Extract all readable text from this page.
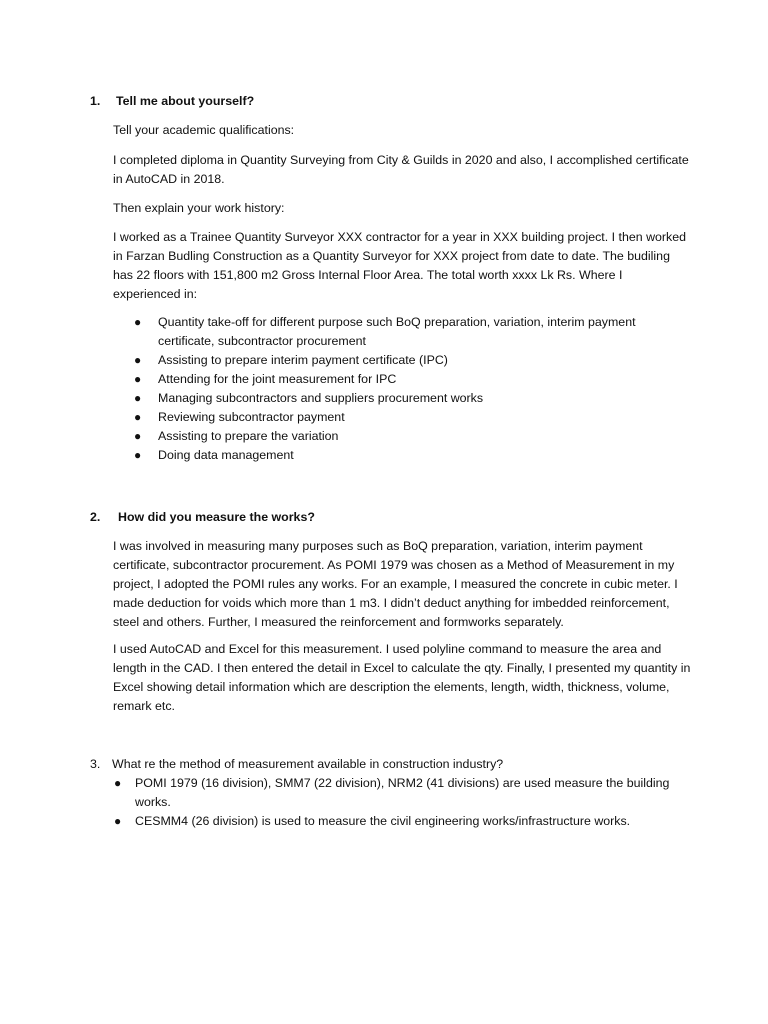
1.	Tell me about yourself?

Tell your academic qualifications:

I completed diploma in Quantity Surveying from City & Guilds in 2020 and also, I accomplished certificate in AutoCAD in 2018.

Then explain your work history:

I worked as a Trainee Quantity Surveyor XXX contractor for a year in XXX building project. I then worked in Farzan Budling Construction as a Quantity Surveyor for XXX project from date to date. The budiling has 22 floors with 151,800 m2 Gross Internal Floor Area. The total worth xxxx Lk Rs. Where I experienced in:

● Quantity take-off for different purpose such BoQ preparation, variation, interim payment certificate, subcontractor procurement
● Assisting to prepare interim payment certificate (IPC)
● Attending for the joint measurement for IPC
● Managing subcontractors and suppliers procurement works
● Reviewing subcontractor payment
● Assisting to prepare the variation
● Doing data management
2.	How did you measure the works?

I was involved in measuring many purposes such as BoQ preparation, variation, interim payment certificate, subcontractor procurement. As POMI 1979 was chosen as a Method of Measurement in my project, I adopted the POMI rules any works. For an example, I measured the concrete in cubic meter. I made deduction for voids which more than 1 m3. I didn’t deduct anything for imbedded reinforcement, steel and others. Further, I measured the reinforcement and formworks separately.

I used AutoCAD and Excel for this measurement. I used polyline command to measure the area and length in the CAD. I then entered the detail in Excel to calculate the qty. Finally, I presented my quantity in Excel showing detail information which are description the elements, length, width, thickness, volume, remark etc.

3. What re the method of measurement available in construction industry?
● POMI 1979 (16 division), SMM7 (22 division), NRM2 (41 divisions) are used measure the building works.
● CESMM4 (26 division) is used to measure the civil engineering works/infrastructure works.
